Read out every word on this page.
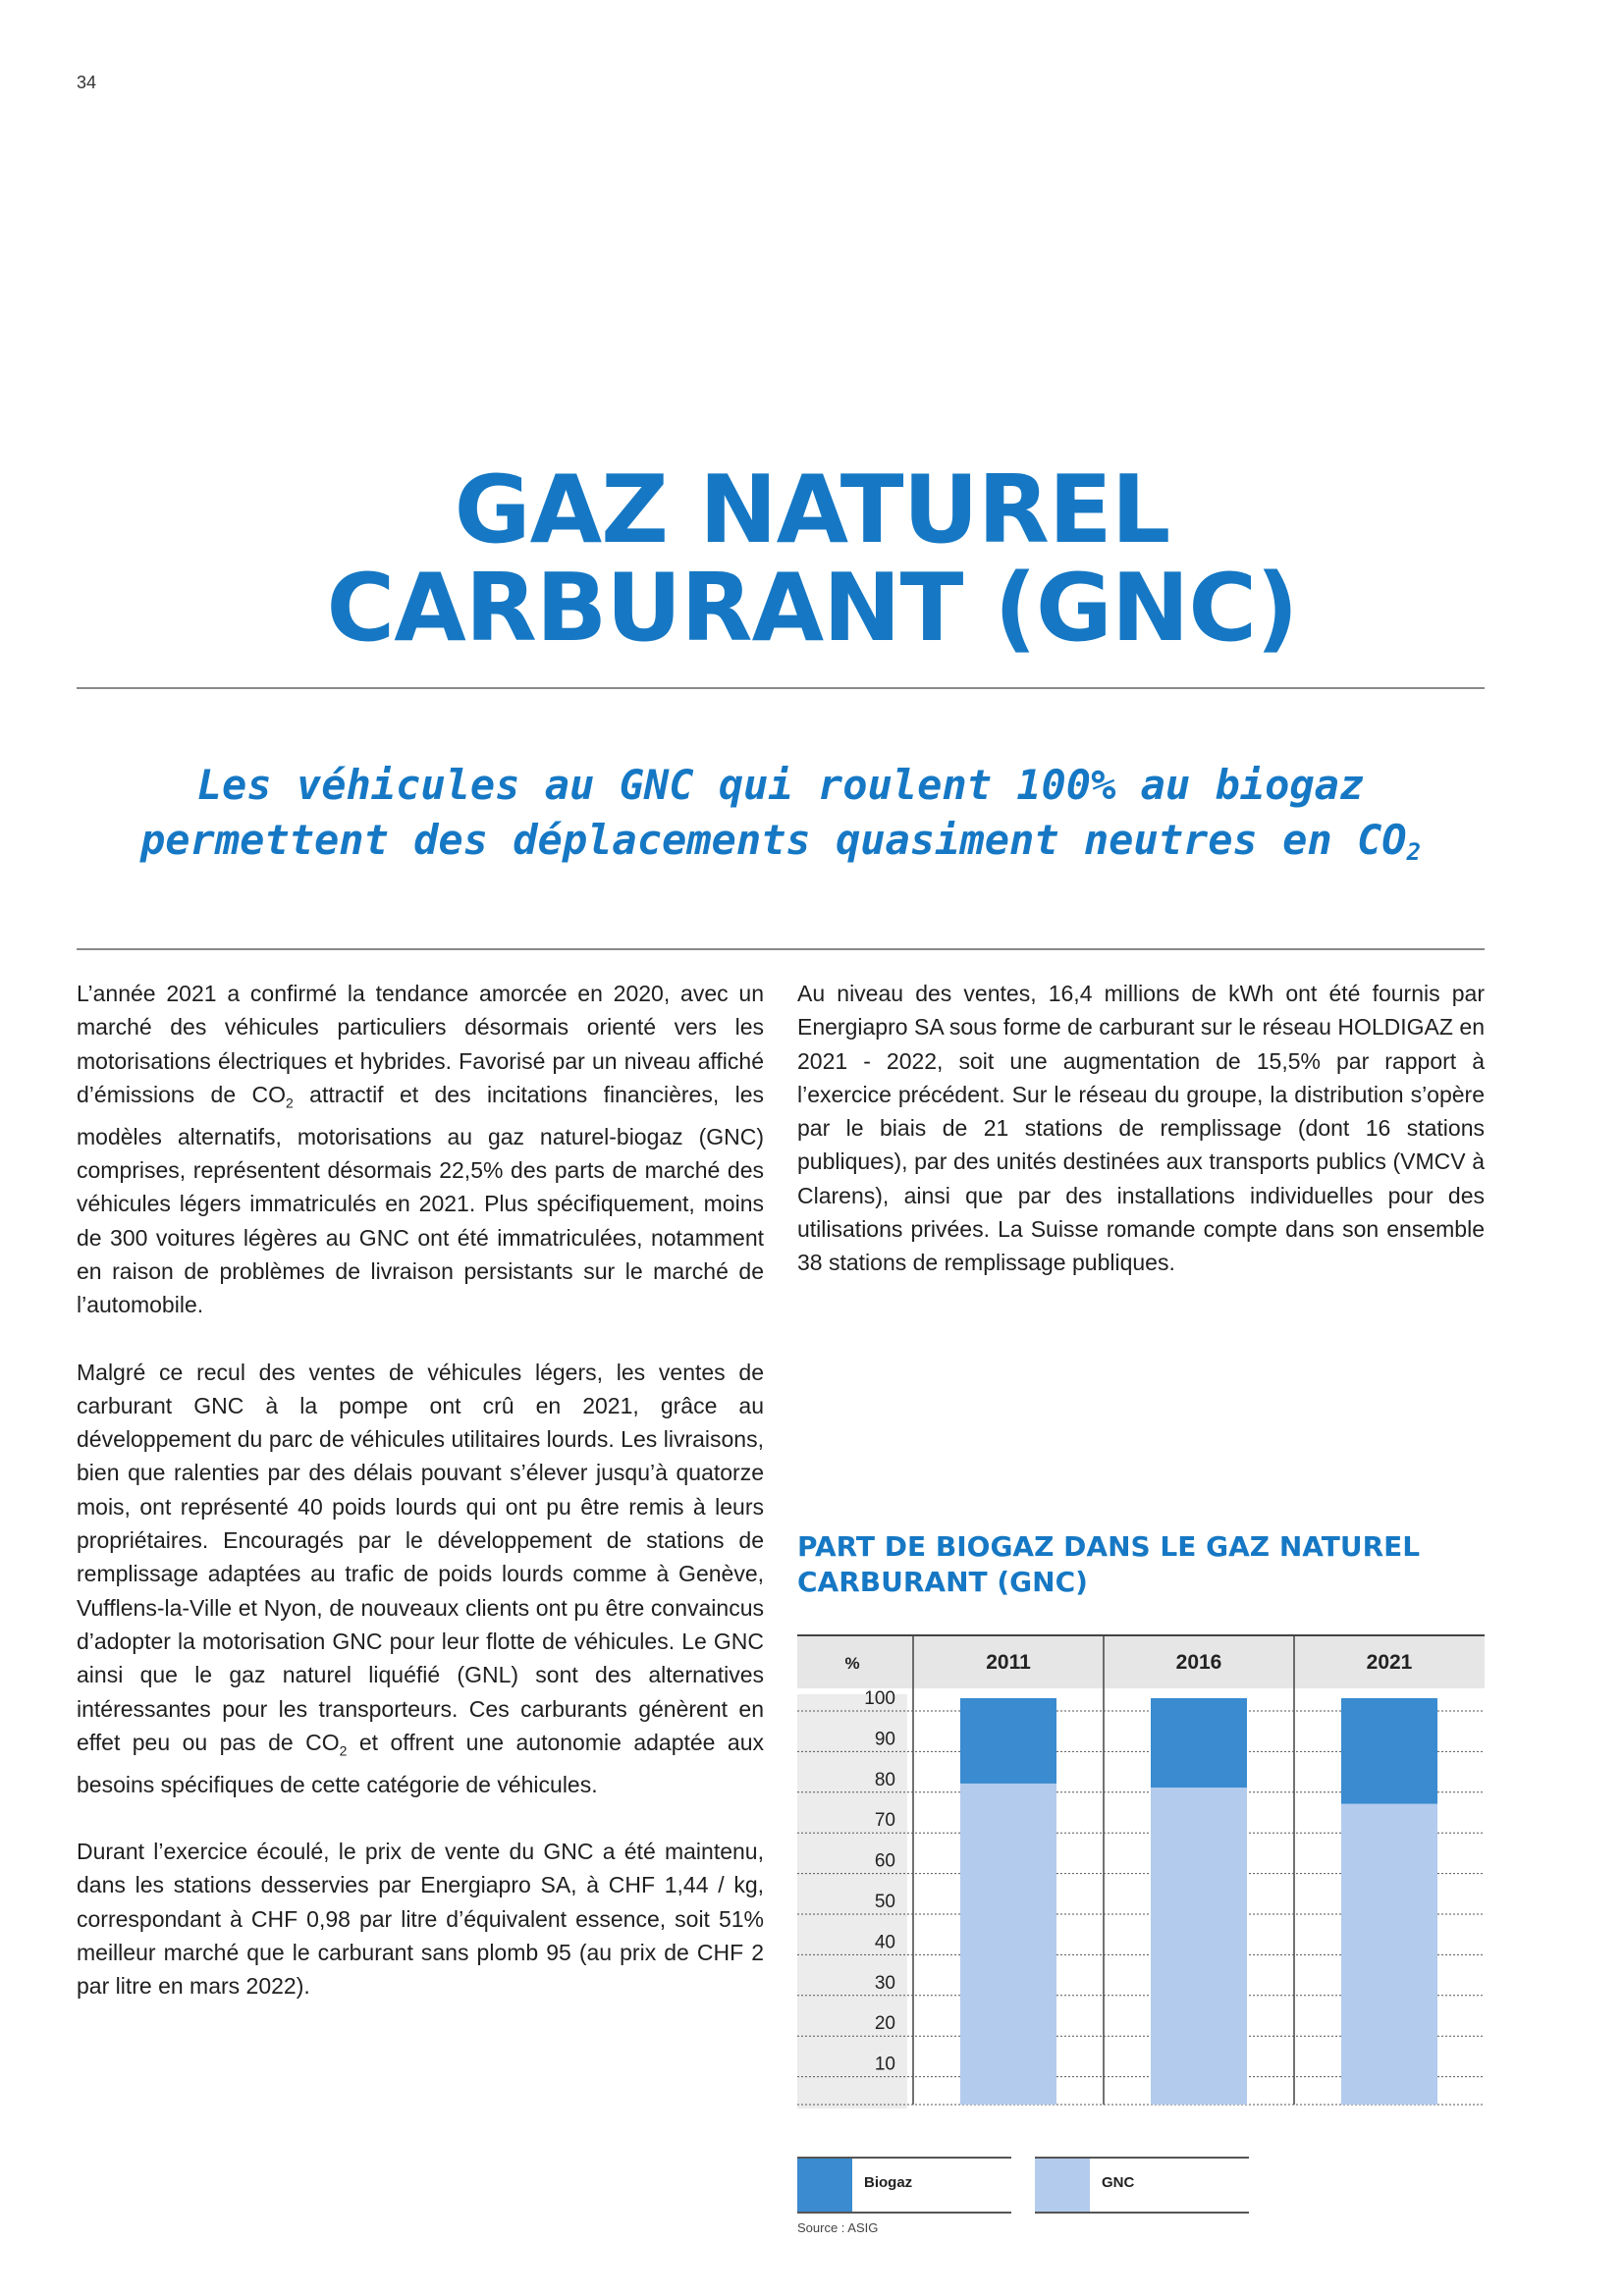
34
GAZ NATUREL
CARBURANT (GNC)
Les véhicules au GNC qui roulent 100% au biogaz
permettent des déplacements quasiment neutres en $CO_2$

L’année 2021 a confirmé la tendance amorcée en 2020, avec un marché des véhicules particuliers désormais orienté vers les motorisations électriques et hybrides. Favorisé par un niveau affiché d’émissions de $CO_2$ attractif et des incitations financières, les modèles alternatifs, motorisations au gaz naturel-biogaz (GNC) comprises, représentent désormais 22,5% des parts de marché des véhicules légers immatriculés en 2021. Plus spécifiquement, moins de 300 voitures légères au GNC ont été immatriculées, notamment en raison de problèmes de livraison persistants sur le marché de l’automobile.

Malgré ce recul des ventes de véhicules légers, les ventes de carburant GNC à la pompe ont crû en 2021, grâce au développement du parc de véhicules utilitaires lourds. Les livraisons, bien que ralenties par des délais pouvant s’élever jusqu’à quatorze mois, ont représenté 40 poids lourds qui ont pu être remis à leurs propriétaires. Encouragés par le développement de stations de remplissage adaptées au trafic de poids lourds comme à Genève, Vufflens-la-Ville et Nyon, de nouveaux clients ont pu être convaincus d’adopter la motorisation GNC pour leur flotte de véhicules. Le GNC ainsi que le gaz naturel liquéfié (GNL) sont des alternatives intéressantes pour les transporteurs. Ces carburants génèrent en effet peu ou pas de $CO_2$ et offrent une autonomie adaptée aux besoins spécifiques de cette catégorie de véhicules.

Durant l’exercice écoulé, le prix de vente du GNC a été maintenu, dans les stations desservies par Energiapro SA, à CHF 1,44 / kg, correspondant à CHF 0,98 par litre d’équivalent essence, soit 51% meilleur marché que le carburant sans plomb 95 (au prix de CHF 2 par litre en mars 2022).

Au niveau des ventes, 16,4 millions de kWh ont été fournis par Energiapro SA sous forme de carburant sur le réseau HOLDIGAZ en 2021 - 2022, soit une augmentation de 15,5% par rapport à l’exercice précédent. Sur le réseau du groupe, la distribution s’opère par le biais de 21 stations de remplissage (dont 16 stations publiques), par des unités destinées aux transports publics (VMCV à Clarens), ainsi que par des installations individuelles pour des utilisations privées. La Suisse romande compte dans son ensemble 38 stations de remplissage publiques.

PART DE BIOGAZ DANS LE GAZ NATUREL CARBURANT (GNC)
%	2011	2016	2021
100
90
80
70
60
50
40
30
20
10
Biogaz	GNC
Source : ASIG
